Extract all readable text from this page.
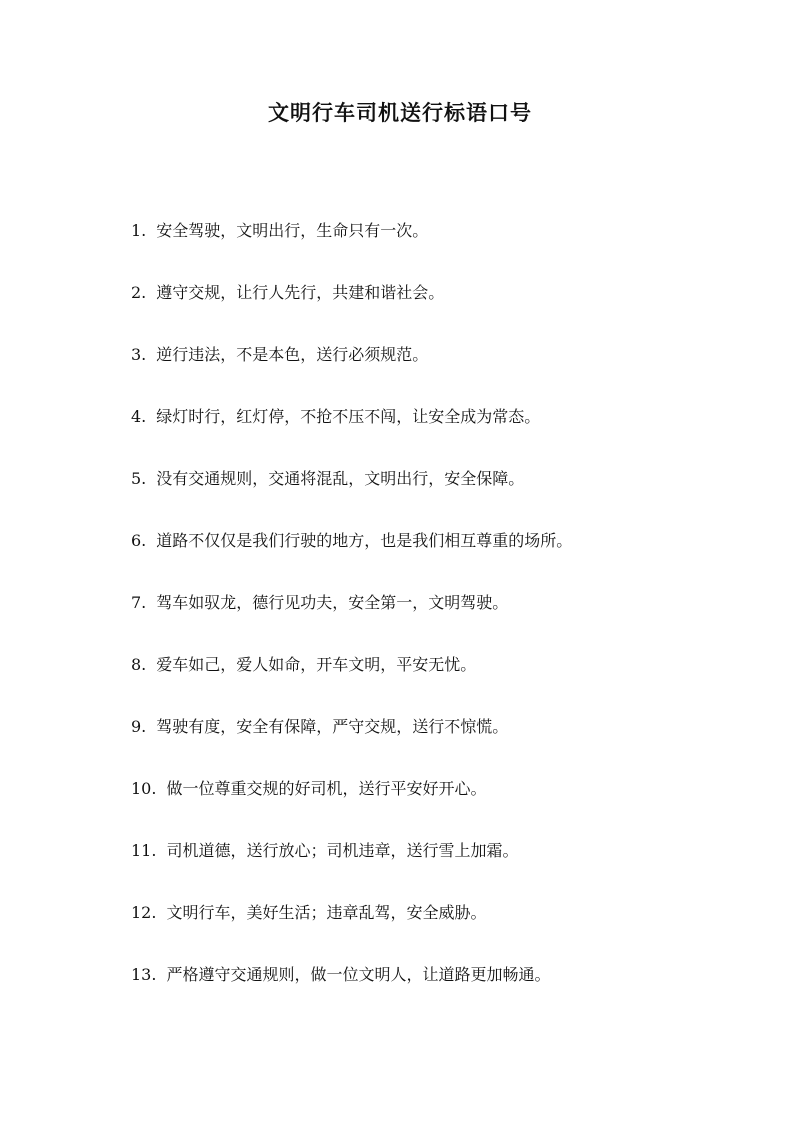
文明行车司机送行标语口号
1. 安全驾驶，文明出行，生命只有一次。
2. 遵守交规，让行人先行，共建和谐社会。
3. 逆行违法，不是本色，送行必须规范。
4. 绿灯时行，红灯停，不抢不压不闯，让安全成为常态。
5. 没有交通规则，交通将混乱，文明出行，安全保障。
6. 道路不仅仅是我们行驶的地方，也是我们相互尊重的场所。
7. 驾车如驭龙，德行见功夫，安全第一，文明驾驶。
8. 爱车如己，爱人如命，开车文明，平安无忧。
9. 驾驶有度，安全有保障，严守交规，送行不惊慌。
10. 做一位尊重交规的好司机，送行平安好开心。
11. 司机道德，送行放心；司机违章，送行雪上加霜。
12. 文明行车，美好生活；违章乱驾，安全威胁。
13. 严格遵守交通规则，做一位文明人，让道路更加畅通。
